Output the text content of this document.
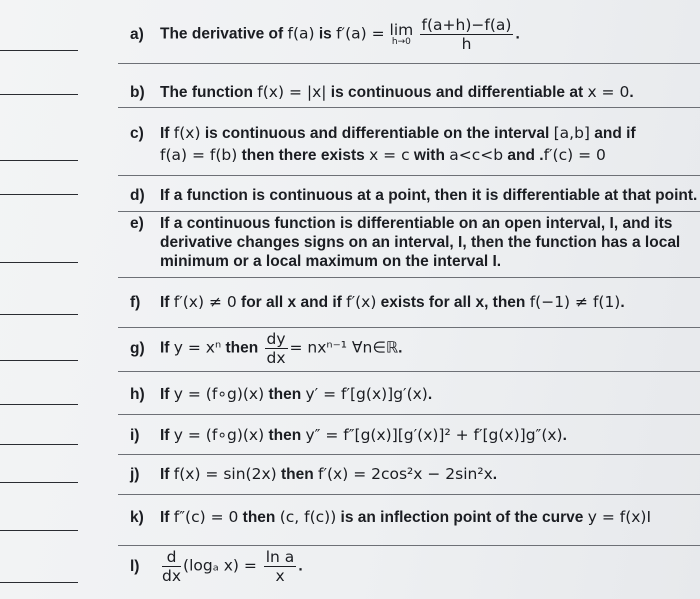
a) The derivative of f(a) is f′(a) = lim
h→0
$\frac{f(a+h)-f(a)}{h}$ .
b) The function f(x) = |x| is continuous and differentiable at x = 0.
c) If f(x) is continuous and differentiable on the interval [a,b] and if
f(a) = f(b) then there exists x = c with a<c<b and .f′(c) = 0
d) If a function is continuous at a point, then it is differentiable at that point.
e) If a continuous function is differentiable on an open interval, I, and its
derivative changes signs on an interval, I, then the function has a local
minimum or a local maximum on the interval I.
f) If f′(x) ≠ 0 for all x and if f′(x) exists for all x, then f(−1) ≠ f(1).
g) If y = xⁿ then $\frac{dy}{dx} = nx^{n-1}$ ∀n∈ℝ.
h) If y = (f∘g)(x) then y′ = f′[g(x)]g′(x).
i) If y = (f∘g)(x) then y″ = f″[g(x)][g′(x)]² + f′[g(x)]g″(x).
j) If f(x) = sin(2x) then f′(x) = 2cos²x − 2sin²x.
k) If f″(c) = 0 then (c, f(c)) is an inflection point of the curve y = f(x)I
$l) \frac{d}{dx} (\log_a$ $x) = \frac{\text{ln a}}{x}$ .
